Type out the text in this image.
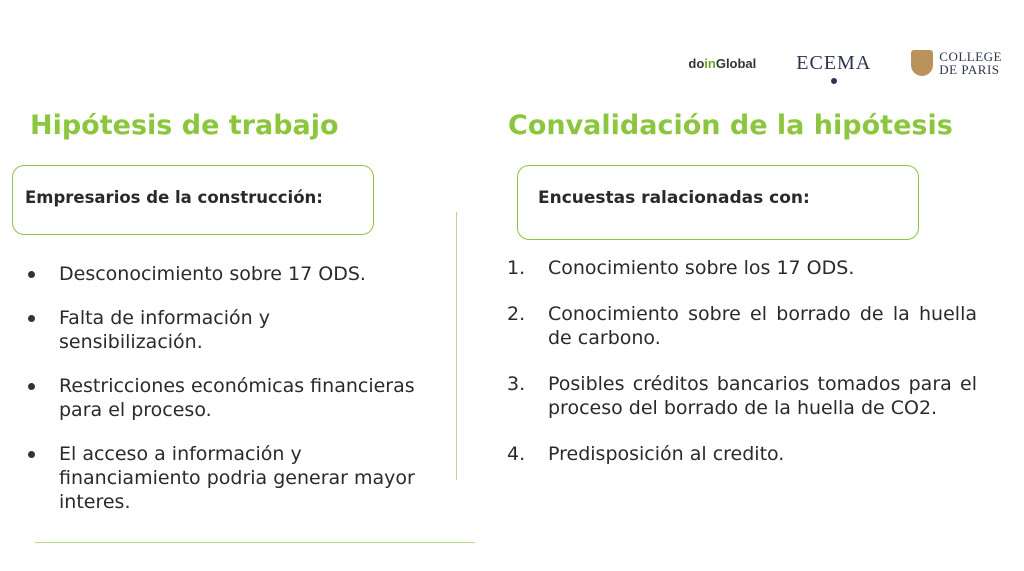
doinGlobal ECEMA	COLLEGE
DE PARIS
Hipótesis de trabajo	Convalidación de la hipótesis
Empresarios de la construcción:	Encuestas ralacionadas con:
Desconocimiento sobre 17 ODS.
Falta de información y sensibilización.
Restricciones económicas financieras para el proceso.
El acceso a información y financiamiento podria generar mayor interes.
1. Conocimiento sobre los 17 ODS.
2. Conocimiento sobre el borrado de la huella de carbono.
3. Posibles créditos bancarios tomados para el proceso del borrado de la huella de CO2.
4. Predisposición al credito.
